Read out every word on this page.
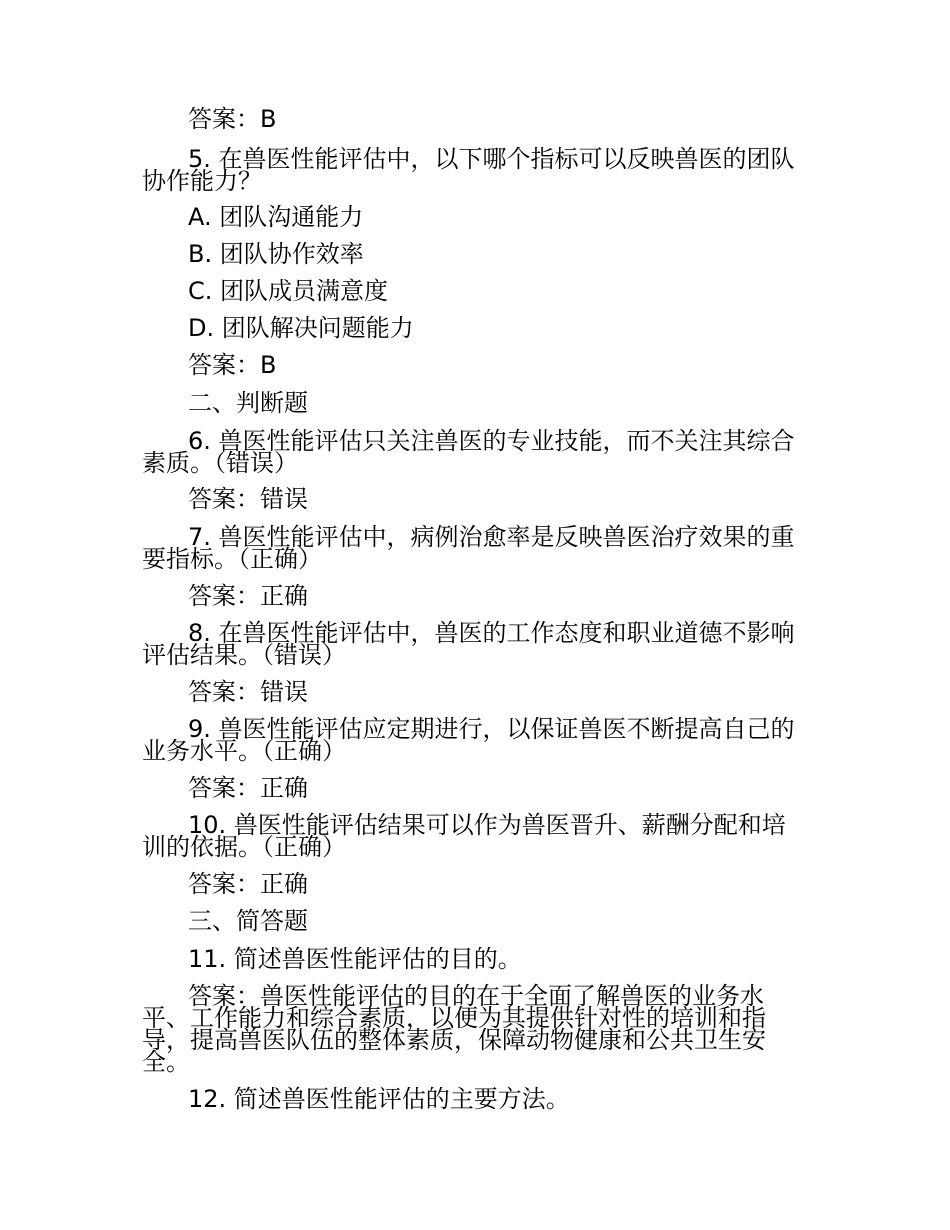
答案：B
5. 在兽医性能评估中，以下哪个指标可以反映兽医的团队
协作能力？
A. 团队沟通能力
B. 团队协作效率
C. 团队成员满意度
D. 团队解决问题能力
答案：B
二、判断题
6. 兽医性能评估只关注兽医的专业技能，而不关注其综合
素质。（错误）
答案：错误
7. 兽医性能评估中，病例治愈率是反映兽医治疗效果的重
要指标。（正确）
答案：正确
8. 在兽医性能评估中，兽医的工作态度和职业道德不影响
评估结果。（错误）
答案：错误
9. 兽医性能评估应定期进行，以保证兽医不断提高自己的
业务水平。（正确）
答案：正确
10. 兽医性能评估结果可以作为兽医晋升、薪酬分配和培
训的依据。（正确）
答案：正确
三、简答题
11. 简述兽医性能评估的目的。
答案：兽医性能评估的目的在于全面了解兽医的业务水
平、工作能力和综合素质，以便为其提供针对性的培训和指
导，提高兽医队伍的整体素质，保障动物健康和公共卫生安
全。
12. 简述兽医性能评估的主要方法。
